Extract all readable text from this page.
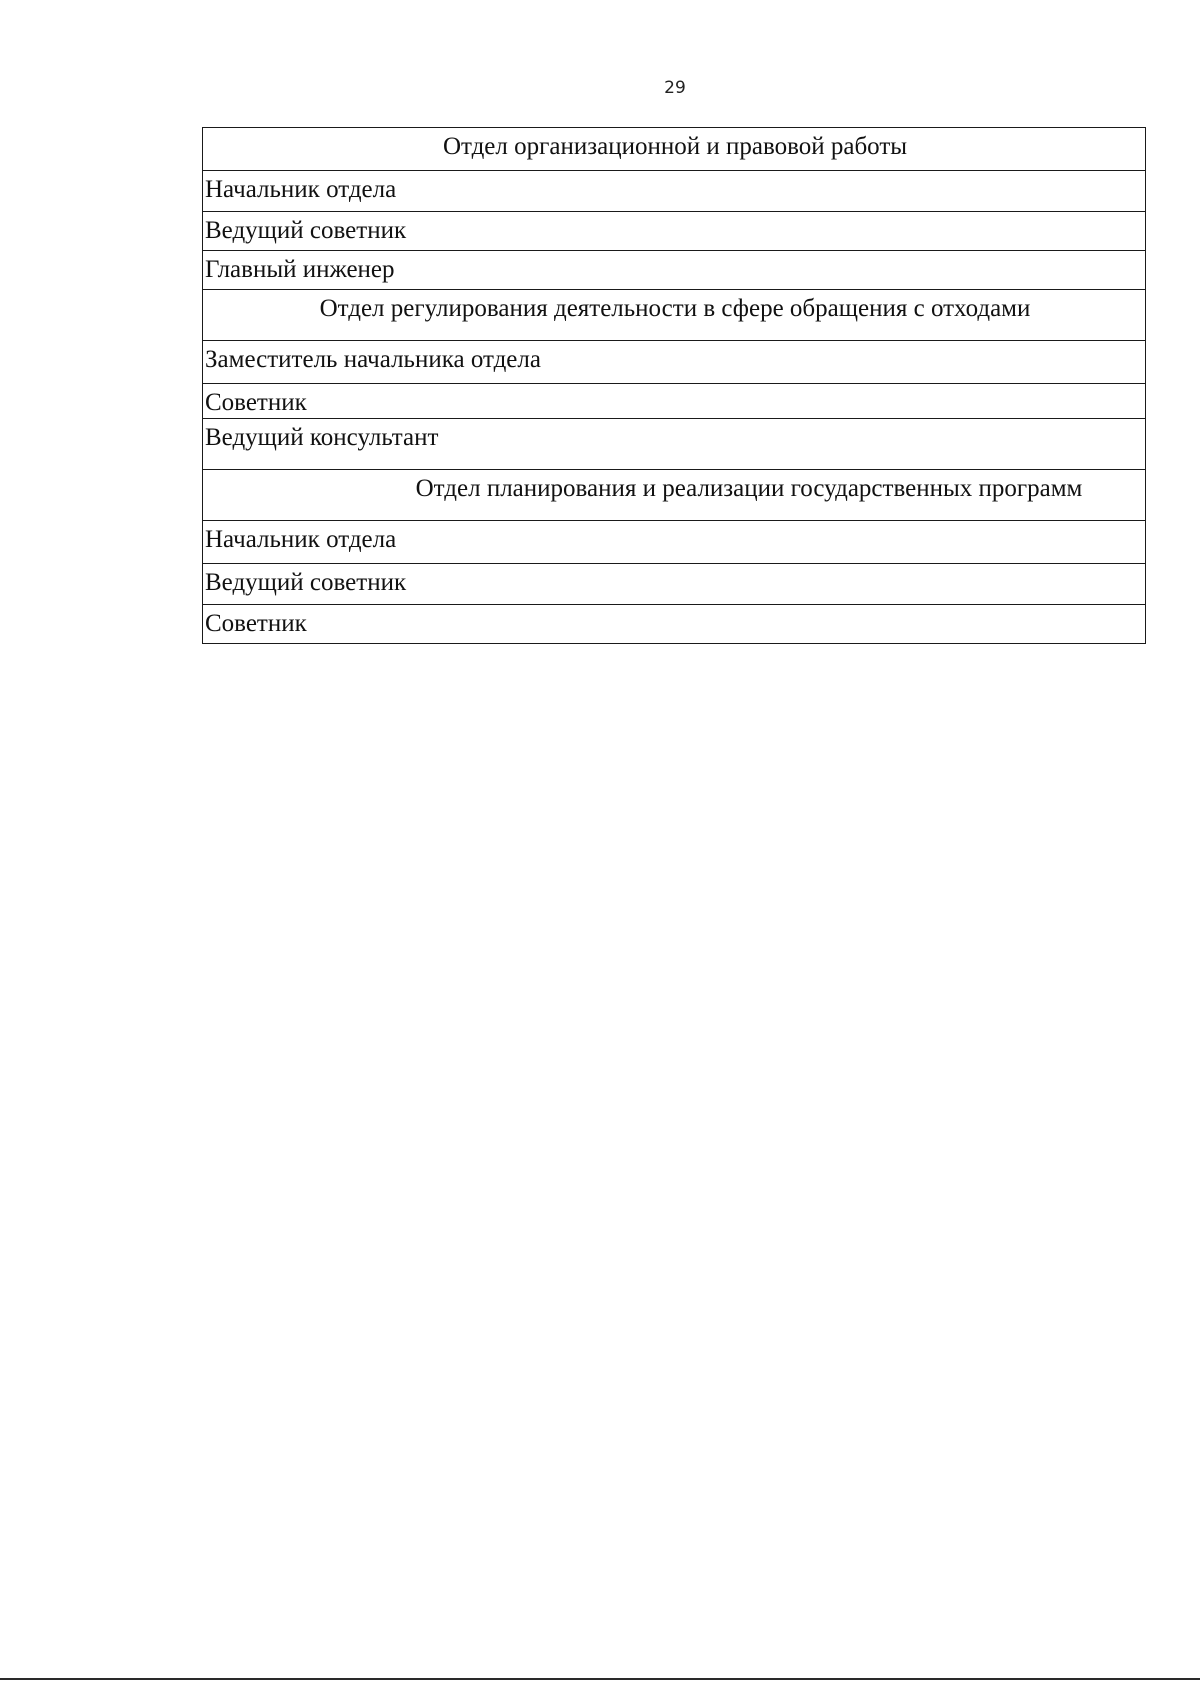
29
Отдел организационной и правовой работы
Начальник отдела
Ведущий советник
Главный инженер
Отдел регулирования деятельности в сфере обращения с отходами
Заместитель начальника отдела
Советник
Ведущий консультант
Отдел планирования и реализации государственных программ
Начальник отдела
Ведущий советник
Советник
